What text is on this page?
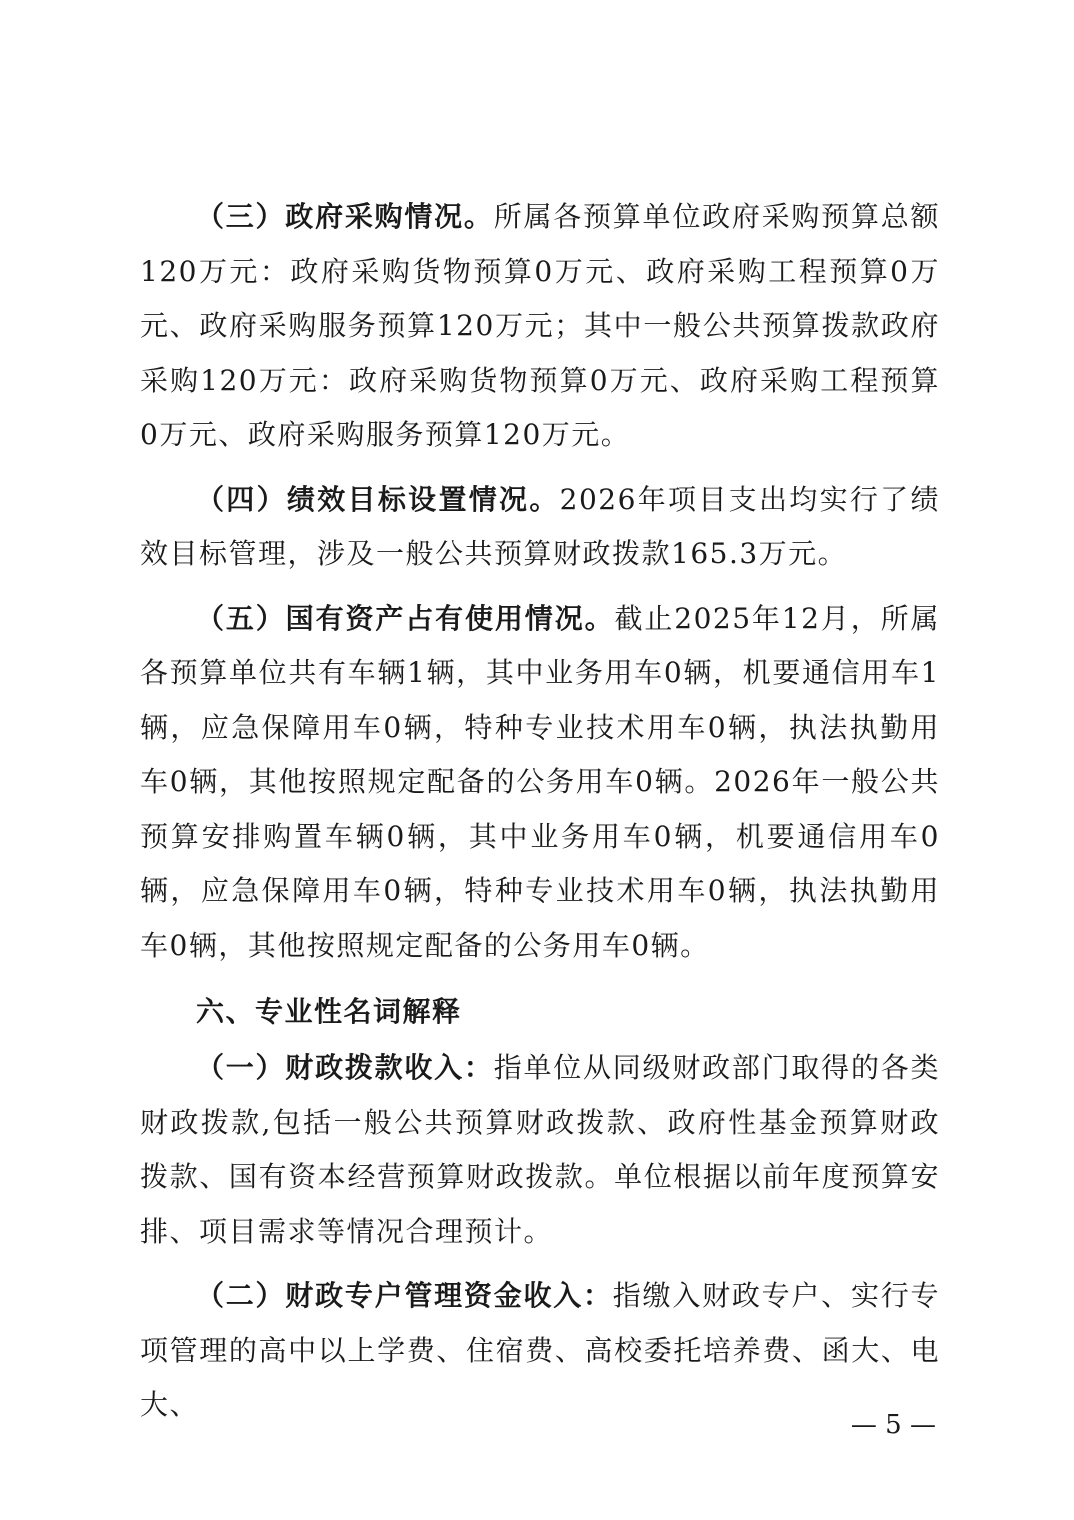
（三）政府采购情况。所属各预算单位政府采购预算总额120万元：政府采购货物预算0万元、政府采购工程预算0万元、政府采购服务预算120万元；其中一般公共预算拨款政府采购120万元：政府采购货物预算0万元、政府采购工程预算0万元、政府采购服务预算120万元。

（四）绩效目标设置情况。2026年项目支出均实行了绩效目标管理，涉及一般公共预算财政拨款165.3万元。

（五）国有资产占有使用情况。截止2025年12月，所属各预算单位共有车辆1辆，其中业务用车0辆，机要通信用车1辆，应急保障用车0辆，特种专业技术用车0辆，执法执勤用车0辆，其他按照规定配备的公务用车0辆。2026年一般公共预算安排购置车辆0辆，其中业务用车0辆，机要通信用车0辆，应急保障用车0辆，特种专业技术用车0辆，执法执勤用车0辆，其他按照规定配备的公务用车0辆。

六、专业性名词解释

（一）财政拨款收入：指单位从同级财政部门取得的各类财政拨款,包括一般公共预算财政拨款、政府性基金预算财政拨款、国有资本经营预算财政拨款。单位根据以前年度预算安排、项目需求等情况合理预计。

（二）财政专户管理资金收入：指缴入财政专户、实行专项管理的高中以上学费、住宿费、高校委托培养费、函大、电大、

— 5 —
